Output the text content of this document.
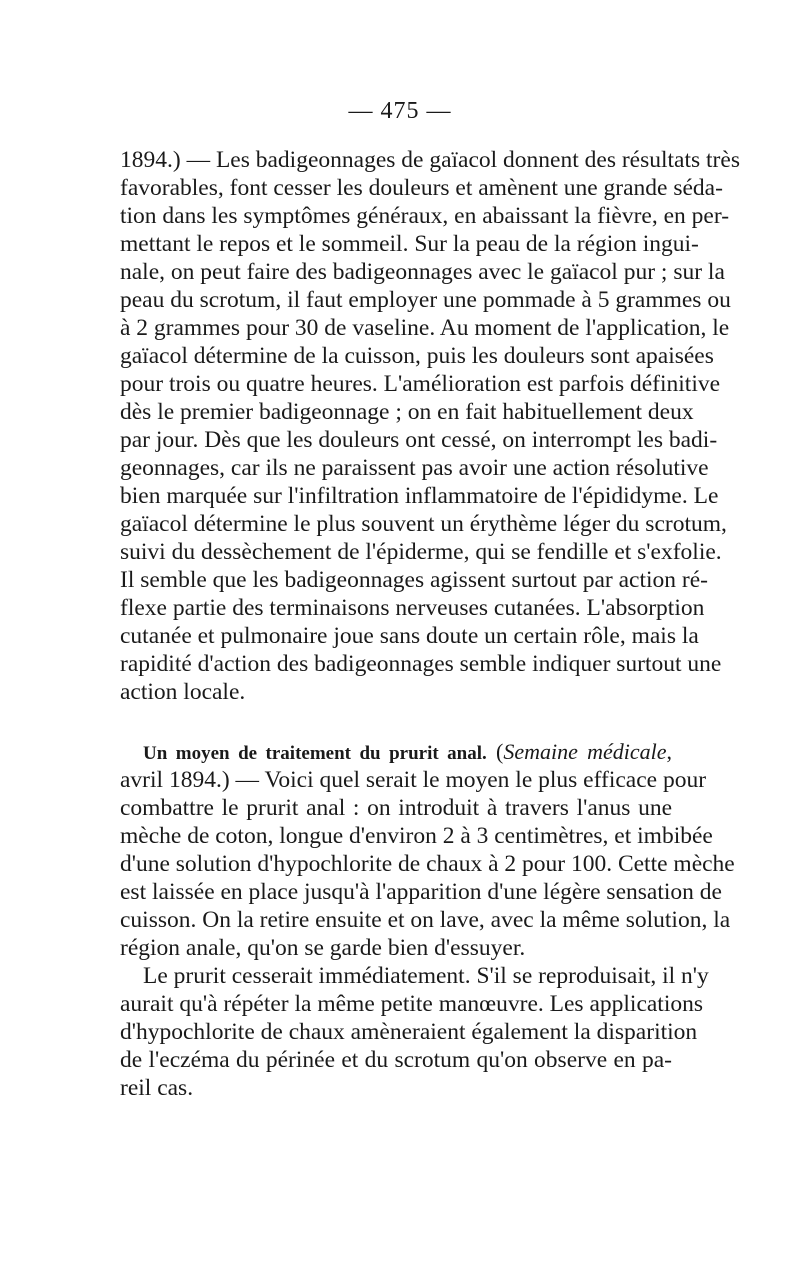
— 475 —
1894.) — Les badigeonnages de gaïacol donnent des résultats très
favorables, font cesser les douleurs et amènent une grande séda-
tion dans les symptômes généraux, en abaissant la fièvre, en per-
mettant le repos et le sommeil. Sur la peau de la région ingui-
nale, on peut faire des badigeonnages avec le gaïacol pur ; sur la
peau du scrotum, il faut employer une pommade à 5 grammes ou
à 2 grammes pour 30 de vaseline. Au moment de l'application, le
gaïacol détermine de la cuisson, puis les douleurs sont apaisées
pour trois ou quatre heures. L'amélioration est parfois définitive
dès le premier badigeonnage ; on en fait habituellement deux
par jour. Dès que les douleurs ont cessé, on interrompt les badi-
geonnages, car ils ne paraissent pas avoir une action résolutive
bien marquée sur l'infiltration inflammatoire de l'épididyme. Le
gaïacol détermine le plus souvent un érythème léger du scrotum,
suivi du dessèchement de l'épiderme, qui se fendille et s'exfolie.
Il semble que les badigeonnages agissent surtout par action ré-
flexe partie des terminaisons nerveuses cutanées. L'absorption
cutanée et pulmonaire joue sans doute un certain rôle, mais la
rapidité d'action des badigeonnages semble indiquer surtout une
action locale.
Un moyen de traitement du prurit anal. (Semaine médicale,
avril 1894.) — Voici quel serait le moyen le plus efficace pour
combattre le prurit anal : on introduit à travers l'anus une
mèche de coton, longue d'environ 2 à 3 centimètres, et imbibée
d'une solution d'hypochlorite de chaux à 2 pour 100. Cette mèche
est laissée en place jusqu'à l'apparition d'une légère sensation de
cuisson. On la retire ensuite et on lave, avec la même solution, la
région anale, qu'on se garde bien d'essuyer.
Le prurit cesserait immédiatement. S'il se reproduisait, il n'y
aurait qu'à répéter la même petite manœuvre. Les applications
d'hypochlorite de chaux amèneraient également la disparition
de l'eczéma du périnée et du scrotum qu'on observe en pa-
reil cas.
